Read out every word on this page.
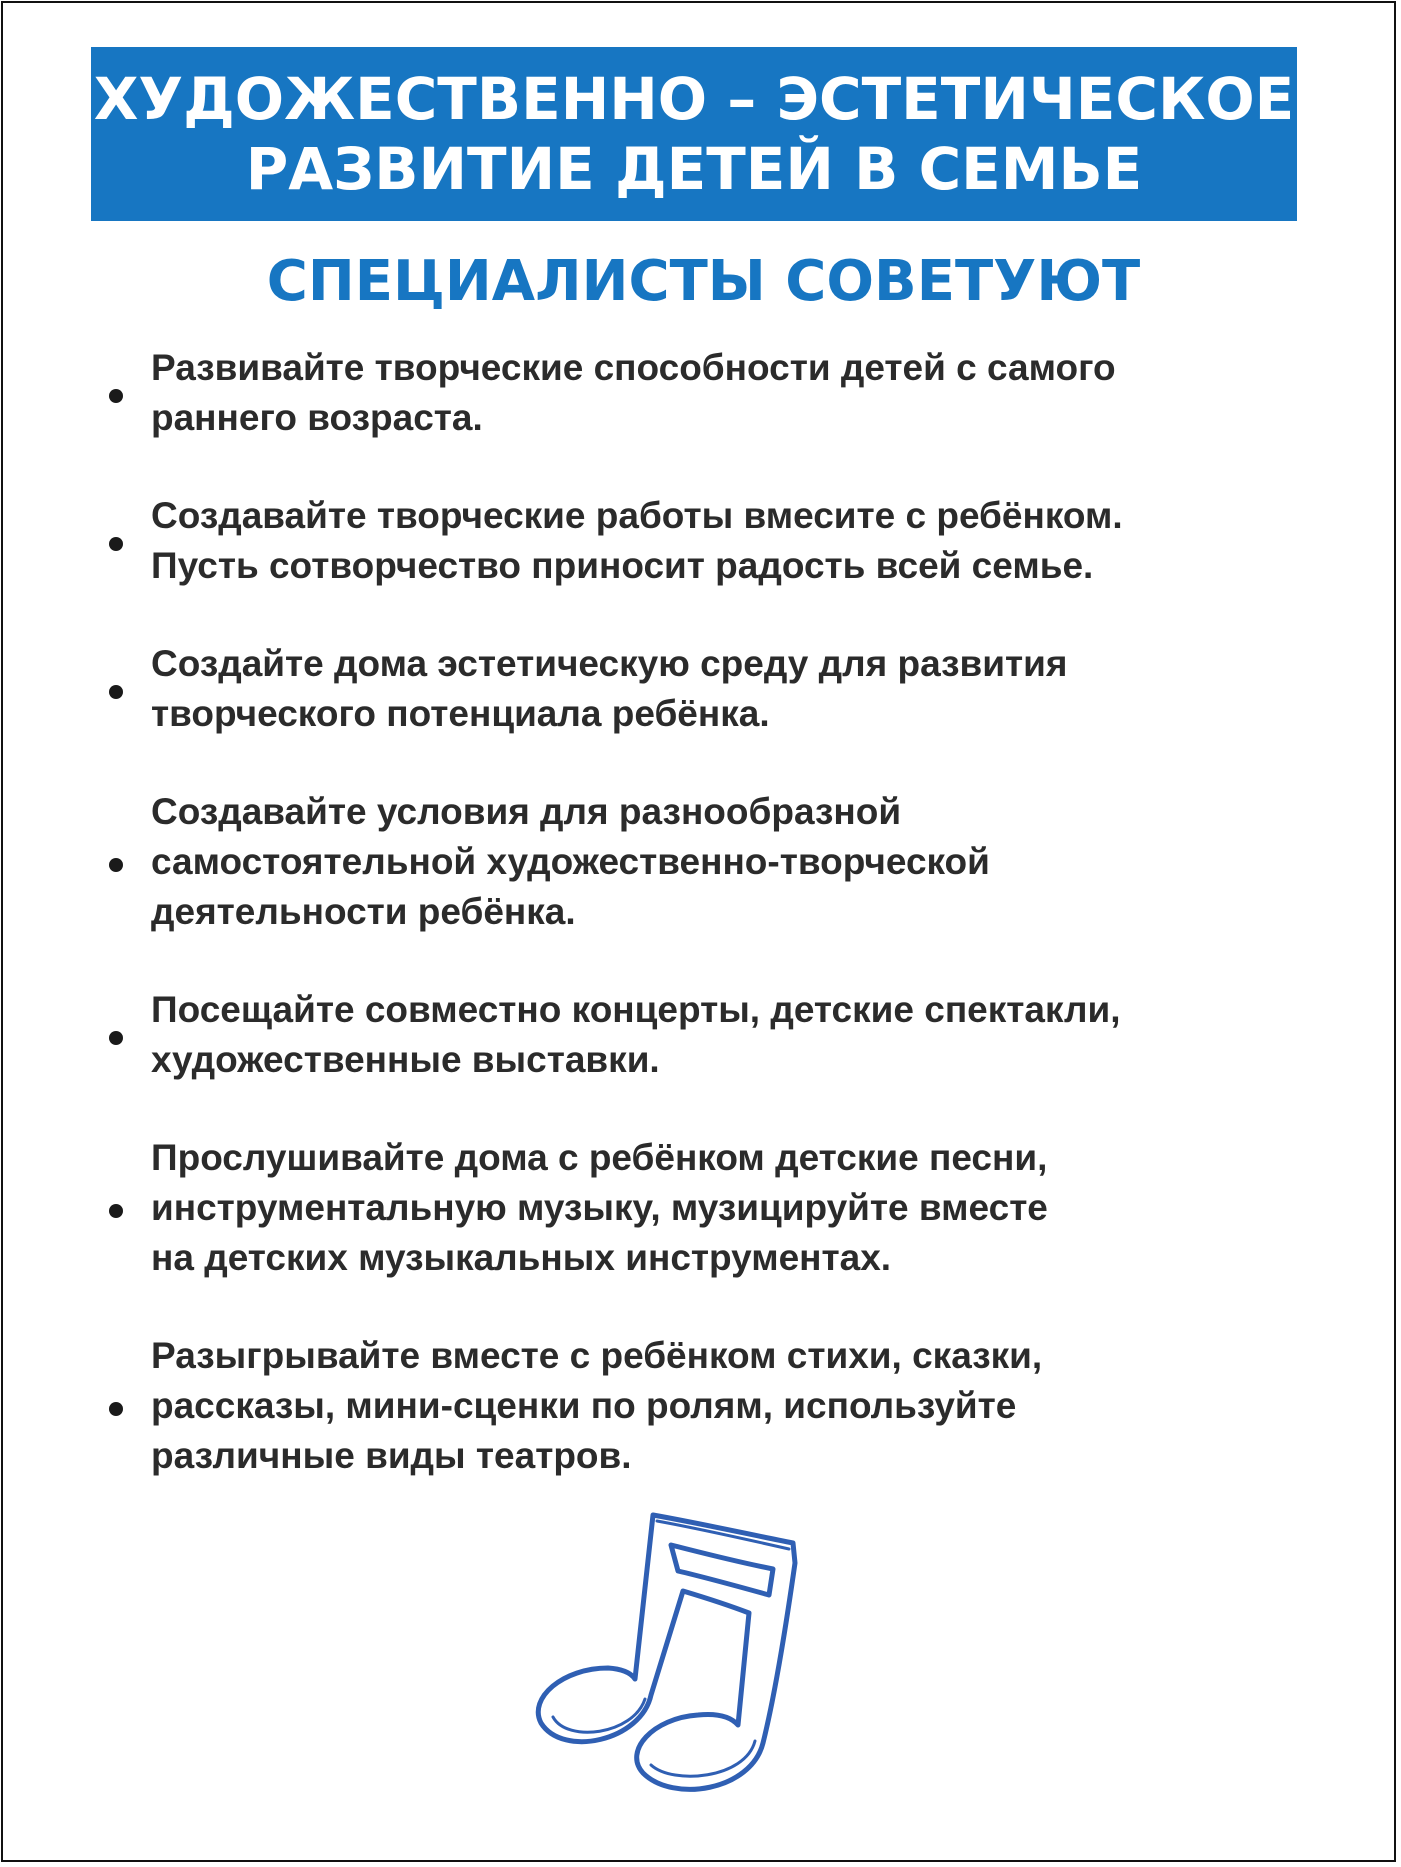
ХУДОЖЕСТВЕННО – ЭСТЕТИЧЕСКОЕ
РАЗВИТИЕ ДЕТЕЙ В СЕМЬЕ
СПЕЦИАЛИСТЫ СОВЕТУЮТ
Развивайте творческие способности детей с самого
раннего возраста.
Создавайте творческие работы вмесите с ребёнком.
Пусть сотворчество приносит радость всей семье.
Создайте дома эстетическую среду для развития
творческого потенциала ребёнка.
Создавайте условия для разнообразной
самостоятельной художественно-творческой
деятельности ребёнка.
Посещайте совместно концерты, детские спектакли,
художественные выставки.
Прослушивайте дома с ребёнком детские песни,
инструментальную музыку, музицируйте вместе
на детских музыкальных инструментах.
Разыгрывайте вместе с ребёнком стихи, сказки,
рассказы, мини-сценки по ролям, используйте
различные виды театров.
